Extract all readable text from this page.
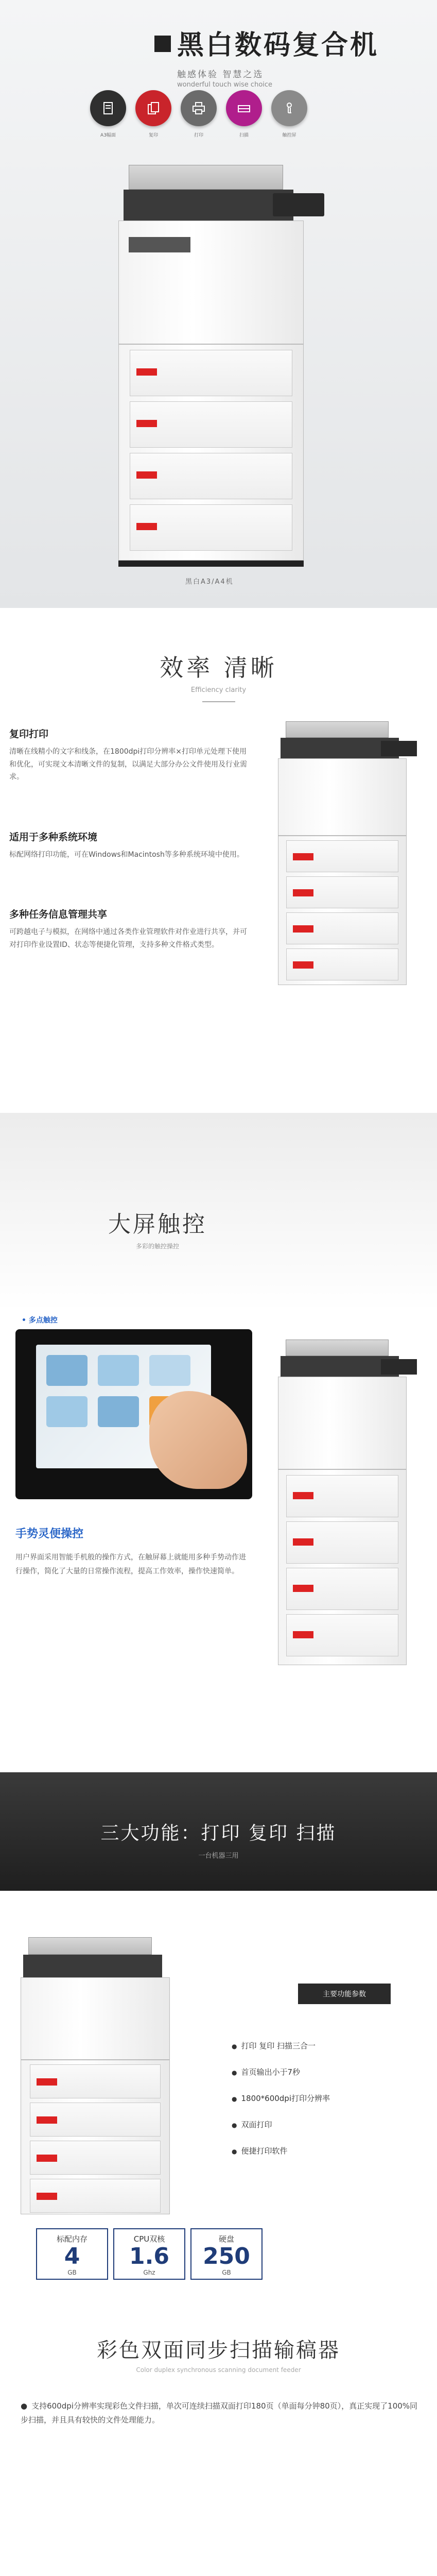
黑白数码复合机
触感体验 智慧之选
wonderful touch wise choice
A3幅面	复印	打印	扫描	触控屏
黑白A3/A4机
效率 清晰
Efficiency clarity
复印打印
清晰在线精小的文字和线条，在1800dpi打印分辨率×打印单元处理下使用和优化，可实现文本清晰文件的复制，以满足大部分办公文件使用及行业需求。
适用于多种系统环境
标配网络打印功能，可在Windows和Macintosh等多种系统环境中使用。
多种任务信息管理共享
可跨越电子与模拟，在网络中通过各类作业管理软件对作业进行共享，并可对打印作业设置ID、状态等便捷化管理，支持多种文件格式类型。
大屏触控
多彩的触控操控
• 多点触控
手势灵便操控
用户界面采用智能手机般的操作方式，在触屏幕上就能用多种手势动作进行操作，简化了大量的日常操作流程，提高工作效率，操作快速简单。
三大功能：打印 复印 扫描
一台机器三用
主要功能参数
● 打印 复印 扫描三合一
● 首页输出小于7秒
● 1800*600dpi打印分辨率
● 双面打印
● 便捷打印软件
标配内存
4
GB
CPU双核
1.6
Ghz
硬盘
250
GB
彩色双面同步扫描输稿器
Color duplex synchronous scanning document feeder
● 支持600dpi分辨率实现彩色文件扫描，单次可连续扫描双面打印180页（单面每分钟80页），真正实现了100%同步扫描，并且具有较快的文件处理能力。
